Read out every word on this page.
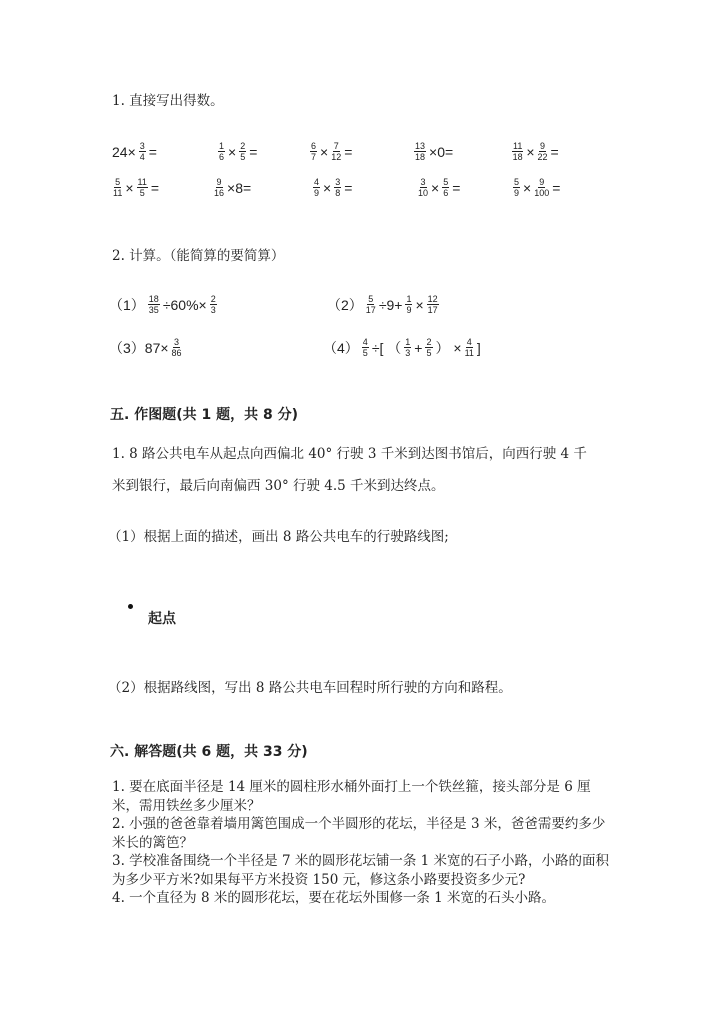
1. 直接写出得数。
$24\times \frac{3}{4}$ =	$\frac{1}{6} \times \frac{2}{5}$ =	$\frac{6}{7} \times \frac{7}{12}$ =	$\frac{13}{18} \times 0=$	$\frac{11}{18} \times \frac{9}{22}$ =
$\frac{5}{11} \times \frac{11}{5}$ =	$\frac{9}{16} \times 8=$	$\frac{4}{9} \times \frac{3}{8}$ =	$\frac{3}{10} \times \frac{5}{6}$ =	$\frac{5}{9} \times \frac{9}{100}$ =
2. 计算。（能简算的要简算）
$(1) \frac{18}{35} \div 60\%\times \frac{2}{3}$	$(2) \frac{5}{17} \div 9+ \frac{1}{9} \times \frac{12}{17}$
$(3)87\times \frac{3}{86}$	$(4) \frac{4}{5}$ ÷[ （ $\frac{1}{3} + \frac{2}{5}$ ） × $\frac{4}{11}$ ]
五. 作图题(共 1 题，共 8 分)
1. 8 路公共电车从起点向西偏北 40° 行驶 3 千米到达图书馆后，向西行驶 4 千
米到银行，最后向南偏西 30° 行驶 4.5 千米到达终点。
（1）根据上面的描述，画出 8 路公共电车的行驶路线图;
起点
（2）根据路线图，写出 8 路公共电车回程时所行驶的方向和路程。
六. 解答题(共 6 题，共 33 分)
1. 要在底面半径是 14 厘米的圆柱形水桶外面打上一个铁丝箍，接头部分是 6 厘米，需用铁丝多少厘米？
2. 小强的爸爸靠着墙用篱笆围成一个半圆形的花坛，半径是 3 米，爸爸需要约多少米长的篱笆？
3. 学校准备围绕一个半径是 7 米的圆形花坛铺一条 1 米宽的石子小路，小路的面积为多少平方米?如果每平方米投资 150 元，修这条小路要投资多少元?
4. 一个直径为 8 米的圆形花坛，要在花坛外围修一条 1 米宽的石头小路。
